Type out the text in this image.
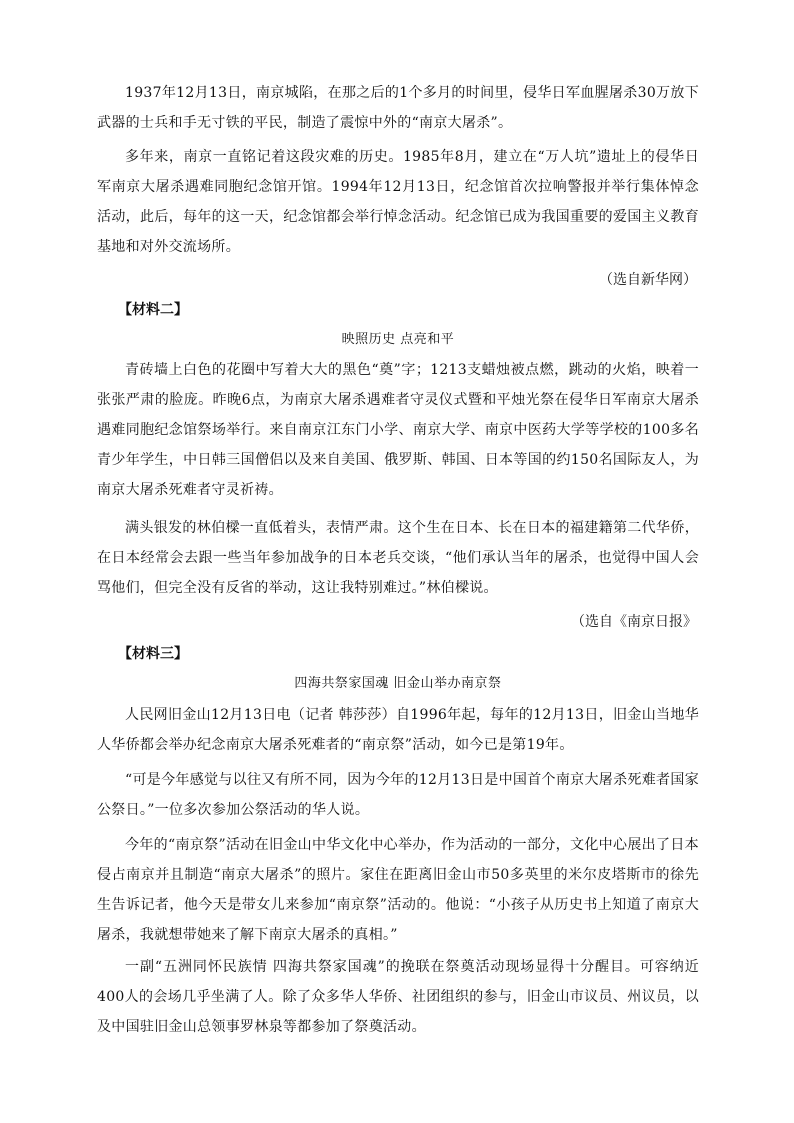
1937年12月13日，南京城陷，在那之后的1个多月的时间里，侵华日军血腥屠杀30万放下武器的士兵和手无寸铁的平民，制造了震惊中外的“南京大屠杀”。

多年来，南京一直铭记着这段灾难的历史。1985年8月，建立在“万人坑”遗址上的侵华日军南京大屠杀遇难同胞纪念馆开馆。1994年12月13日，纪念馆首次拉响警报并举行集体悼念活动，此后，每年的这一天，纪念馆都会举行悼念活动。纪念馆已成为我国重要的爱国主义教育基地和对外交流场所。

（选自新华网）

【材料二】

映照历史 点亮和平

青砖墙上白色的花圈中写着大大的黑色“奠”字；1213支蜡烛被点燃，跳动的火焰，映着一张张严肃的脸庞。昨晚6点，为南京大屠杀遇难者守灵仪式暨和平烛光祭在侵华日军南京大屠杀遇难同胞纪念馆祭场举行。来自南京江东门小学、南京大学、南京中医药大学等学校的100多名青少年学生，中日韩三国僧侣以及来自美国、俄罗斯、韩国、日本等国的约150名国际友人，为南京大屠杀死难者守灵祈祷。

满头银发的林伯樑一直低着头，表情严肃。这个生在日本、长在日本的福建籍第二代华侨，在日本经常会去跟一些当年参加战争的日本老兵交谈，“他们承认当年的屠杀，也觉得中国人会骂他们，但完全没有反省的举动，这让我特别难过。”林伯樑说。

（选自《南京日报》

【材料三】

四海共祭家国魂 旧金山举办南京祭

人民网旧金山12月13日电（记者 韩莎莎）自1996年起，每年的12月13日，旧金山当地华人华侨都会举办纪念南京大屠杀死难者的“南京祭”活动，如今已是第19年。

“可是今年感觉与以往又有所不同，因为今年的12月13日是中国首个南京大屠杀死难者国家公祭日。”一位多次参加公祭活动的华人说。

今年的“南京祭”活动在旧金山中华文化中心举办，作为活动的一部分，文化中心展出了日本侵占南京并且制造“南京大屠杀”的照片。家住在距离旧金山市50多英里的米尔皮塔斯市的徐先生告诉记者，他今天是带女儿来参加“南京祭”活动的。他说：“小孩子从历史书上知道了南京大屠杀，我就想带她来了解下南京大屠杀的真相。”

一副“五洲同怀民族情 四海共祭家国魂”的挽联在祭奠活动现场显得十分醒目。可容纳近400人的会场几乎坐满了人。除了众多华人华侨、社团组织的参与，旧金山市议员、州议员，以及中国驻旧金山总领事罗林泉等都参加了祭奠活动。
